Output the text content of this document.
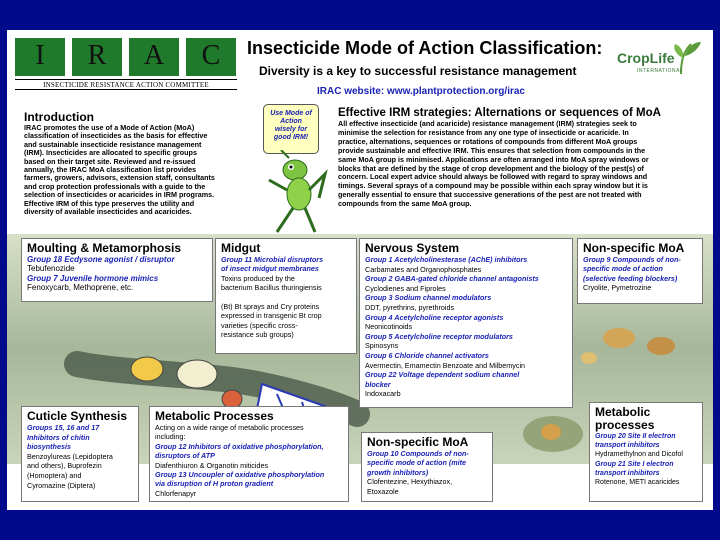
I	R A C
INSECTICIDE RESISTANCE ACTION COMMITTEE
Insecticide Mode of Action Classification:
Diversity is a key to successful resistance management
IRAC website: www.plantprotection.org/irac
CropLife
INTERNATIONAL
Introduction
IRAC promotes the use of a Mode of Action (MoA)
classification of insecticides as the basis for effective
and sustainable insecticide resistance management
(IRM). Insecticides are allocated to specific groups
based on their target site. Reviewed and re-issued
annually, the IRAC MoA classification list provides
farmers, growers, advisors, extension staff, consultants
and crop protection professionals with a guide to the
selection of insecticides or acaricides in IRM programs.
Effective IRM of this type preserves the utility and
diversity of available insecticides and acaricides.
Use Mode of
Action
wisely for
good IRM!
Effective IRM strategies: Alternations or sequences of MoA
All effective insecticide (and acaricide) resistance management (IRM) strategies seek to
minimise the selection for resistance from any one type of insecticide or acaricide. In
practice, alternations, sequences or rotations of compounds from different MoA groups
provide sustainable and effective IRM. This ensures that selection from compounds in the
same MoA group is minimised. Applications are often arranged into MoA spray windows or
blocks that are defined by the stage of crop development and the biology of the pest(s) of
concern. Local expert advice should always be followed with regard to spray windows and
timings. Several sprays of a compound may be possible within each spray window but it is
generally essential to ensure that successive generations of the pest are not treated with
compounds from the same MoA group.
Moulting & Metamorphosis
Group 18 Ecdysone agonist / disruptor
Tebufenozide
Group 7 Juvenile hormone mimics
Fenoxycarb, Methoprene, etc.
Midgut
Group 11 Microbial disruptors
of insect midgut membranes
Toxins produced by the
bacterium Bacillus thuringiensis

(Bt) Bt sprays and Cry proteins
expressed in transgenic Bt crop
varieties (specific cross-
resistance sub groups)
Nervous System
Group 1 Acetylcholinesterase (AChE) inhibitors
Carbamates and Organophosphates
Group 2 GABA-gated chloride channel antagonists
Cyclodienes and Fiproles
Group 3 Sodium channel modulators
DDT, pyrethrins, pyrethroids
Group 4 Acetylcholine receptor agonists
Neonicotinoids
Group 5 Acetylcholine receptor modulators
Spinosyns
Group 6 Chloride channel activators
Avermectin, Emamectin Benzoate and Milbemycin
Group 22 Voltage dependent sodium channel
blocker
Indoxacarb
Non-specific MoA
Group 9 Compounds of non-
specific mode of action
(selective feeding blockers)
Cryolite, Pymetrozine
Cuticle Synthesis
Groups 15, 16 and 17
Inhibitors of chitin
biosynthesis
Benzoylureas (Lepidoptera
and others), Buprofezin
(Homoptera) and
Cyromazine (Diptera)
Metabolic Processes
Acting on a wide range of metabolic processes
including:
Group 12 Inhibitors of oxidative phosphorylation,
disruptors of ATP
Diafenthiuron & Organotin miticides
Group 13 Uncoupler of oxidative phosphorylation
via disruption of H proton gradient
Chlorfenapyr
Non-specific MoA
Group 10 Compounds of non-
specific mode of action (mite
growth inhibitors)
Clofentezine, Hexythiazox,
Etoxazole
Metabolic
processes
Group 20 Site II electron
transport inhibitors
Hydramethylnon and Dicofol
Group 21 Site I electron
transport inhibitors
Rotenone, METI acaricides
